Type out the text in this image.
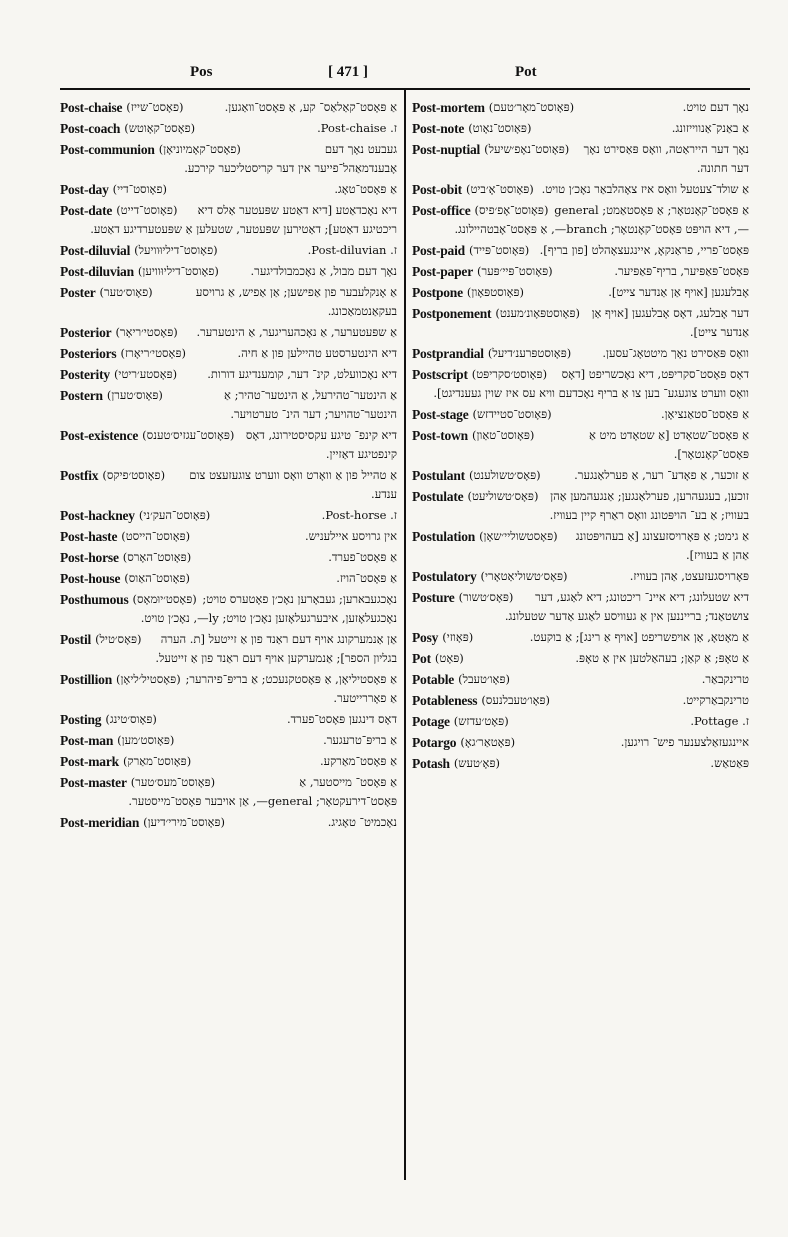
Pos	[ 471 ]	Pot
Post-chaise (פאָסט־שייז)	אַ פּאָסט־קאַלאַס־ קע, אַ פּאָסט־וואַגען.
Post-coach (פאָסט־קאָוטש)	ז. Post-chaise.
Post-communion (פאָסט־קאָמיוניאָן)	געבעט נאָך דעם אָבענדמאַהל־פייער אין דער קריסטליכער קירכע.
Post-day (פאָוסט־דיי)	אַ פּאָסט־טאָג.
Post-date (פאָוסט־דייט)	דיא נאָכדאַטע [דיא דאַטע שפּעטער אַלס דיא ריכטיגע דאַטע]; דאַטירען שפּעטער, שטעלען אַ שפּעטערדיגע דאַטע.
Post-diluvial (פאָוסט־דיליוּוויעל)	ז. Post-diluvian.
Post-diluvian (פאָוסט־דיליוּוויען)	נאָך דעם מבול, אַ נאָכמבולדיגער.
Poster (פאָוס׳טער)	אַ אָנקלעבער פון אַפישען; אַן אַפיש, אַ גרויסע בעקאַנטמאַכונג.
Posterior (פּאָסטי׳ריאָר)	אַ שפּעטערער, אַ נאָכהעריגער, אַ הינטערער.
Posteriors (פּאָסטי׳ריאָרז)	דיא הינטערסטע טהיילען פון אַ חיה.
Posterity (פּאָסטע׳ריטי)	דיא נאָכוועלט, קינ־ דער, קומענדיגע דורות.
Postern (פּאָוס׳טערן)	אַ הינטער־טהירעל, אַ הינטער־טהיר; אַ הינטער־טהויער; דער הינ־ טערטויער.
Post-existence (פּאָוסט־עגזיס׳טענס) דיא קינפ־ טיגע עקסיסטירונג, דאָס קינפטיגע דאַזיין.
Postfix (פאָוסט׳פיקס)	אַ טהייל פון אַ וואָרט וואָס ווערט צוגעזעצט צום ענדע.
Post-hackney (פּאָוסט־העק׳ני)	ז. Post-horse.
Post-haste (פּאָוסט־הייסט)	אין גרויסע איילעניש.
Post-horse (פּאָוסט־האָרס)	אַ פּאָסט־פערד.
Post-house (פּאָוסט־האַוס)	אַ פּאָסט־הויז.
Posthumous (פּאָסט׳יוּמאָס) נאָכגעבארען; געבאָרען נאָכ׳ן פאָטערס טויט; נאָכגעלאָזען, איבערגעלאָזען נאָכ׳ן טויט; ly—, נאָכ׳ן טויט.
Postil (פּאָס׳טיל)	אַן אַנמערקונג אויף דעם ראַנד פון אַ זייטעל [ת. הערה בגליון הספר]; אַנמערקען אויף דעם ראַנד פון אַ זייטעל.
Postillion (פּאָסטיל׳ליאָן) אַ פּאָסטיליאָן, אַ פּאָסטקנעכט; אַ בריפּ־פיהרער; אַ פאָררייטער.
Posting (פּאָוס׳טינג)	דאָס דינגען פּאָסט־פערד.
Post-man (פּאָוסט׳מען)	אַ בריפּ־טרעגער.
Post-mark (פּאָוסט־מאַרק)	אַ פּאָסט־מאַרקע.
Post-master (פּאָוסט־מעס׳טער)	אַ פּאָסט־ מייסטער, אַ פּאָסט־דירעקטאָר; general—, אַן אויבער פּאָסט־מייסטער.
Post-meridian (פּאָוסט־מירי׳דיען)	נאָכמיט־ טאָגיג.
Post-mortem (פּאָוסט־מאָר׳טעם)	נאָך דעם טויט.
Post-note (פּאָוסט־נאָוט)	אַ באַנק־אַנווייזונג.
Post-nuptial (פּאָוסט־נאָפ׳שיעל)	נאָך דער הייראַטה, וואָס פּאַסירט נאָך דער חתונה.
Post-obit (פּאָוסט־אָ׳ביט) אַ שולד־צעטעל וואָס איז צאָהלבאַר נאָכ׳ן טויט.
Post-office (פּאָוסט־אָפ׳פיס) אַ פּאָסט־קאָנטאָר; אַ פּאָסטאַמט; general—, דיא הויפּט פּאָסט־קאָנטאָר; branch—, אַ פּאָסט־אָבטהיילונג.
Post-paid (פּאָוסט־פּייד) פּאָסט־פריי, פראַנקאָ, איינגעצאָהלט [פון בריף].
Post-paper (פּאָוסט־פּיי׳פּער)	פּאָסט־פּאַפּיער, בריף־פּאַפּיער.
Postpone (פּאָוסטפּאָון)	אָבלעגען [אויף אַן אַנדער צייט].
Postponement (פּאָוסטפּאָונ׳מענט)	דער אָבלעג, דאָס אָבלעגען [אויף אַן אַנדער צייט].
Postprandial (פּאָוסטפּרענ׳דיעל)	וואָס פּאַסירט נאָך מיטטאָג־עסען.
Postscript (פּאָוסט׳סקריפּט)	דאָס פּאָסט־סקריפּט, דיא נאָכשריפט [דאָס וואָס ווערט צוגעגע־ בען צו אַ בריף נאָכדעם וויא עס איז שוין געענדיגט].
Post-stage (פּאָוסט־סטיידזש)	אַ פּאָסט־סטאַנציאָן.
Post-town (פּאָוסט־טאַון)	אַ פּאָסט־שטאָדט [אַ שטאָדט מיט אַ פּאָסט־קאָנטאָר].
Postulant (פּאָס׳טשולענט)	אַ זוכער, אַ פאָדע־ רער, אַ פערלאַנגער.
Postulate (פּאָס׳טשוליעט)	זוכען, בעגעהרען, פערלאַנגען; אַנגעהמען אַהן בעוויז; אַ בע־ הויפּטונג וואָס ראַרף קיין בעוויז.
Postulation (פּאָסטשוליי׳שאָן)	אַ גימט; אַ פּאָרויסזעצונג [אַ בעהויפּטונג אַהן אַ בעוויז].
Postulatory (פּאָס׳טשוליאַטאָרי)	פּאָרויסגעזעצט, אַהן בעוויז.
Posture (פּאָס׳טשור)	דיא שטעלונג; דיא איינ־ ריכטונג; דיא לאַגע, דער צושטאַנד; ברייננען אין אַ געוויסע לאַגע אַדער שטעלונג.
Posy (פּאָוזי)	אַ מאָטאָ, אַן אויפשריפט [אויף אַ רינג]; אַ בוקעט.
Pot (פּאָט)	אַ טאָפּ; אַ קאַן; בעהאַלטען אין אַ טאָפּ.
Potable (פּאָו׳טעבל)	טרינקבאַר.
Potableness (פּאָו׳טעבלנעס)	טרינקבאַרקייט.
Potage (פּאָט׳עדזש)	ז. Pottage.
Potargo (פּאָטאַר׳גאָ)	איינגעזאַלצענער פיש־ רויגען.
Potash (פּאָ׳טעש)	פּאַטאַש.
